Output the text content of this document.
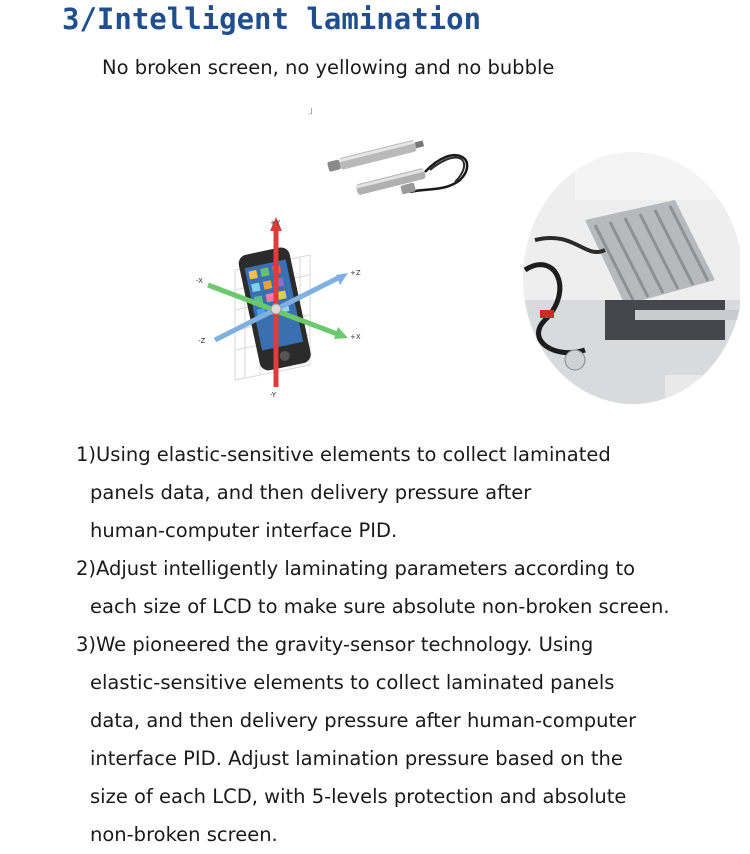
3/Intelligent lamination
No broken screen, no yellowing and no bubble
˩
+Y
-X
+Z
-Z	+X
-Y
1)Using elastic-sensitive elements to collect laminated
panels data, and then delivery pressure after
human-computer interface PID.
2)Adjust intelligently laminating parameters according to
each size of LCD to make sure absolute non-broken screen.
3)We pioneered the gravity-sensor technology. Using
elastic-sensitive elements to collect laminated panels
data, and then delivery pressure after human-computer
interface PID. Adjust lamination pressure based on the
size of each LCD, with 5-levels protection and absolute
non-broken screen.
